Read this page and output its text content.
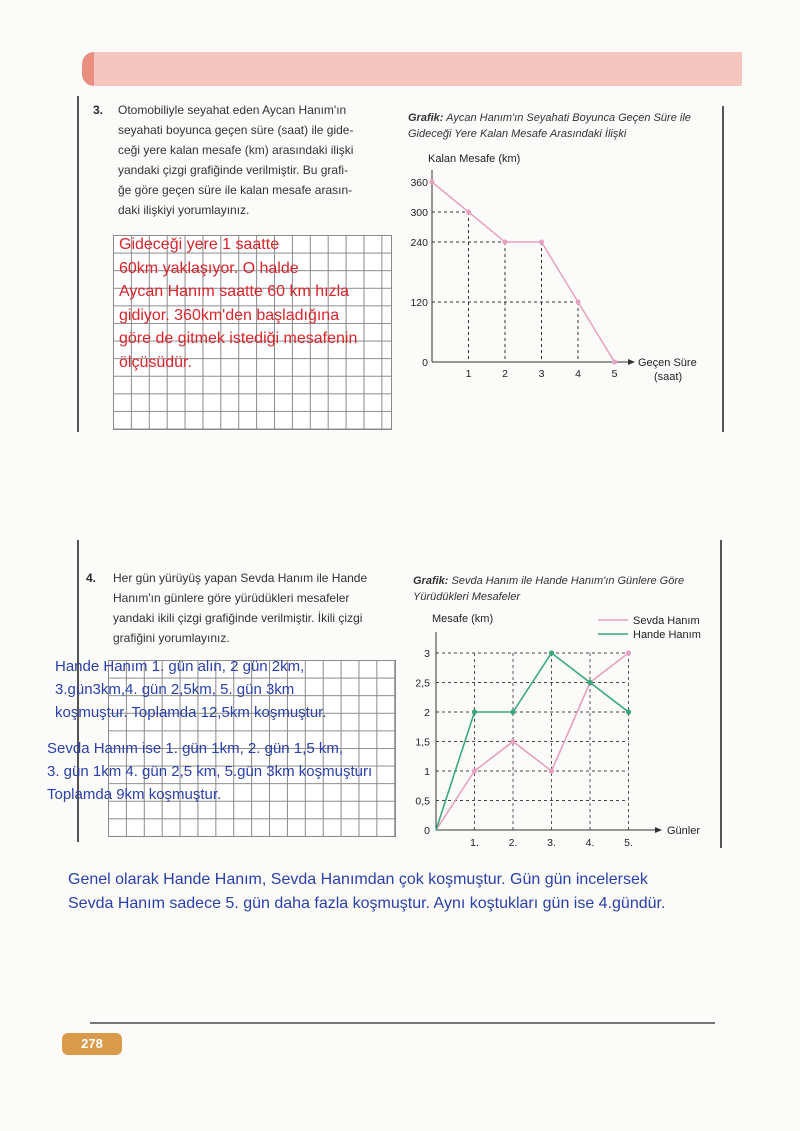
3. Otomobiliyle seyahat eden Aycan Hanım'ın
seyahati boyunca geçen süre (saat) ile gide-
ceği yere kalan mesafe (km) arasındaki ilişki
yandaki çizgi grafiğinde verilmiştir. Bu grafi-
ğe göre geçen süre ile kalan mesafe arasın-
daki ilişkiyi yorumlayınız.
Gideceği yere 1 saatte
60km yaklaşıyor. O halde
Aycan Hanım saatte 60 km hızla
gidiyor. 360km'den başladığına
göre de gitmek istediği mesafenin
ölçüsüdür.
Grafik: Aycan Hanım'ın Seyahati Boyunca Geçen Süre ile
Gideceği Yere Kalan Mesafe Arasındaki İlişki
Kalan Mesafe (km)
Geçen Süre
(saat)
360
300
240
120
0
1	2	3	4	5
4. Her gün yürüyüş yapan Sevda Hanım ile Hande
Hanım'ın günlere göre yürüdükleri mesafeler
yandaki ikili çizgi grafiğinde verilmiştir. İkili çizgi
grafiğini yorumlayınız.
Hande Hanım 1. gün alın, 2 gün 2km,
3.gün3km,4. gün 2,5km, 5. gün 3km
koşmuştur. Toplamda 12,5km koşmuştur.
Sevda Hanım ise 1. gün 1km, 2. gün 1,5 km,
3. gün 1km 4. gün 2,5 km, 5.gün 3km koşmuşturı
Toplamda 9km koşmuştur.
Grafik: Sevda Hanım ile Hande Hanım'ın Günlere Göre
Yürüdükleri Mesafeler
Mesafe (km)
Günler
3
2,5
2
1,5
1
0,5
0
1.	2.	3.	4.	5.
Sevda Hanım
Hande Hanım
Genel olarak Hande Hanım, Sevda Hanımdan çok koşmuştur. Gün gün incelersek
Sevda Hanım sadece 5. gün daha fazla koşmuştur. Aynı koştukları gün ise 4.gündür.
278
